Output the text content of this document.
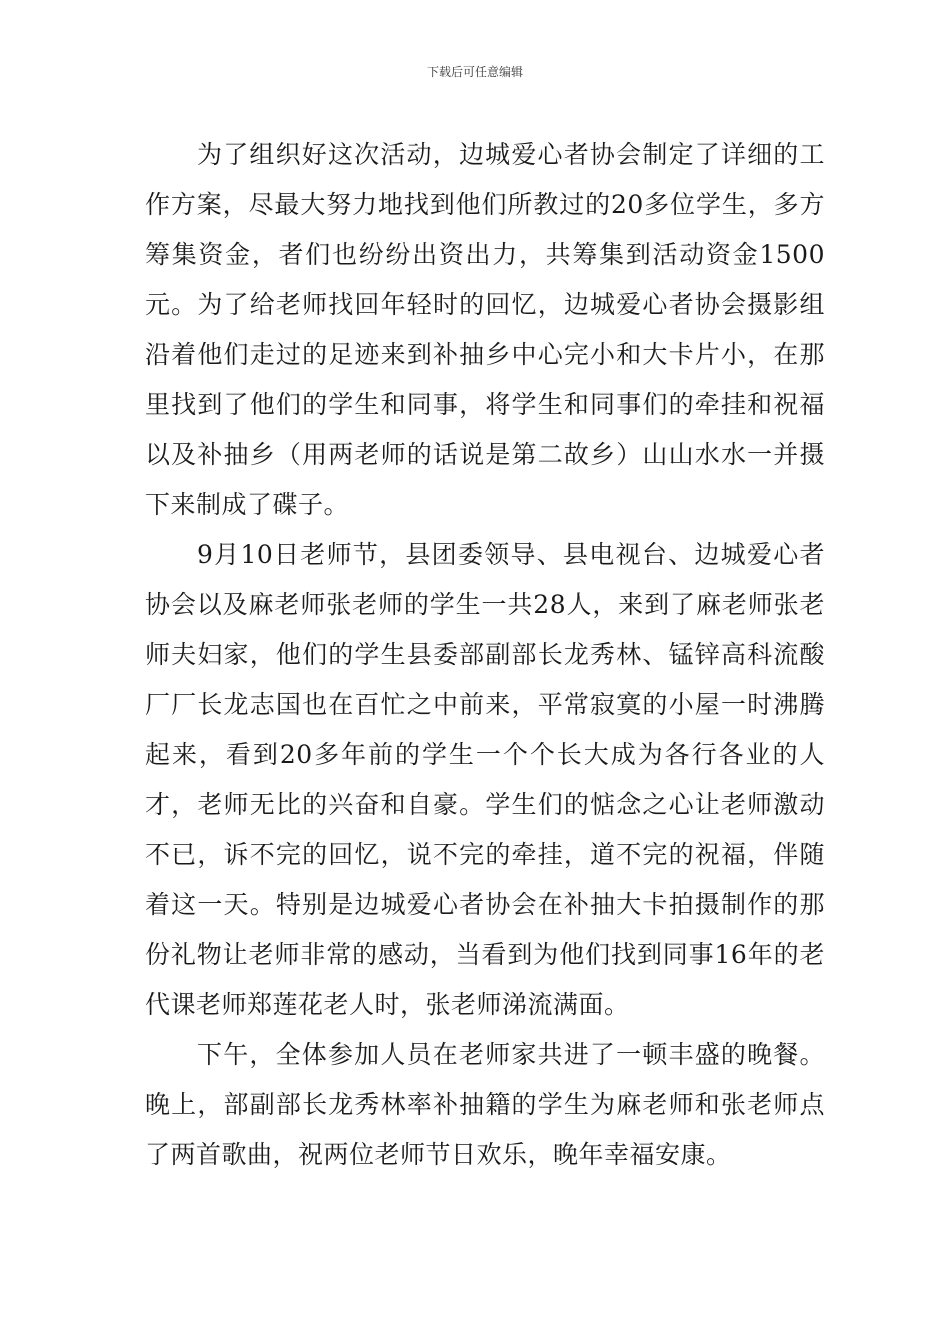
下载后可任意编辑

为了组织好这次活动，边城爱心者协会制定了详细的工作方案，尽最大努力地找到他们所教过的20多位学生，多方筹集资金，者们也纷纷出资出力，共筹集到活动资金1500元。为了给老师找回年轻时的回忆，边城爱心者协会摄影组沿着他们走过的足迹来到补抽乡中心完小和大卡片小，在那里找到了他们的学生和同事，将学生和同事们的牵挂和祝福以及补抽乡（用两老师的话说是第二故乡）山山水水一并摄下来制成了碟子。

9月10日老师节，县团委领导、县电视台、边城爱心者协会以及麻老师张老师的学生一共28人，来到了麻老师张老师夫妇家，他们的学生县委部副部长龙秀林、锰锌高科流酸厂厂长龙志国也在百忙之中前来，平常寂寞的小屋一时沸腾起来，看到20多年前的学生一个个长大成为各行各业的人才，老师无比的兴奋和自豪。学生们的惦念之心让老师激动不已，诉不完的回忆，说不完的牵挂，道不完的祝福，伴随着这一天。特别是边城爱心者协会在补抽大卡拍摄制作的那份礼物让老师非常的感动，当看到为他们找到同事16年的老代课老师郑莲花老人时，张老师涕流满面。

下午，全体参加人员在老师家共进了一顿丰盛的晚餐。晚上，部副部长龙秀林率补抽籍的学生为麻老师和张老师点了两首歌曲，祝两位老师节日欢乐，晚年幸福安康。
